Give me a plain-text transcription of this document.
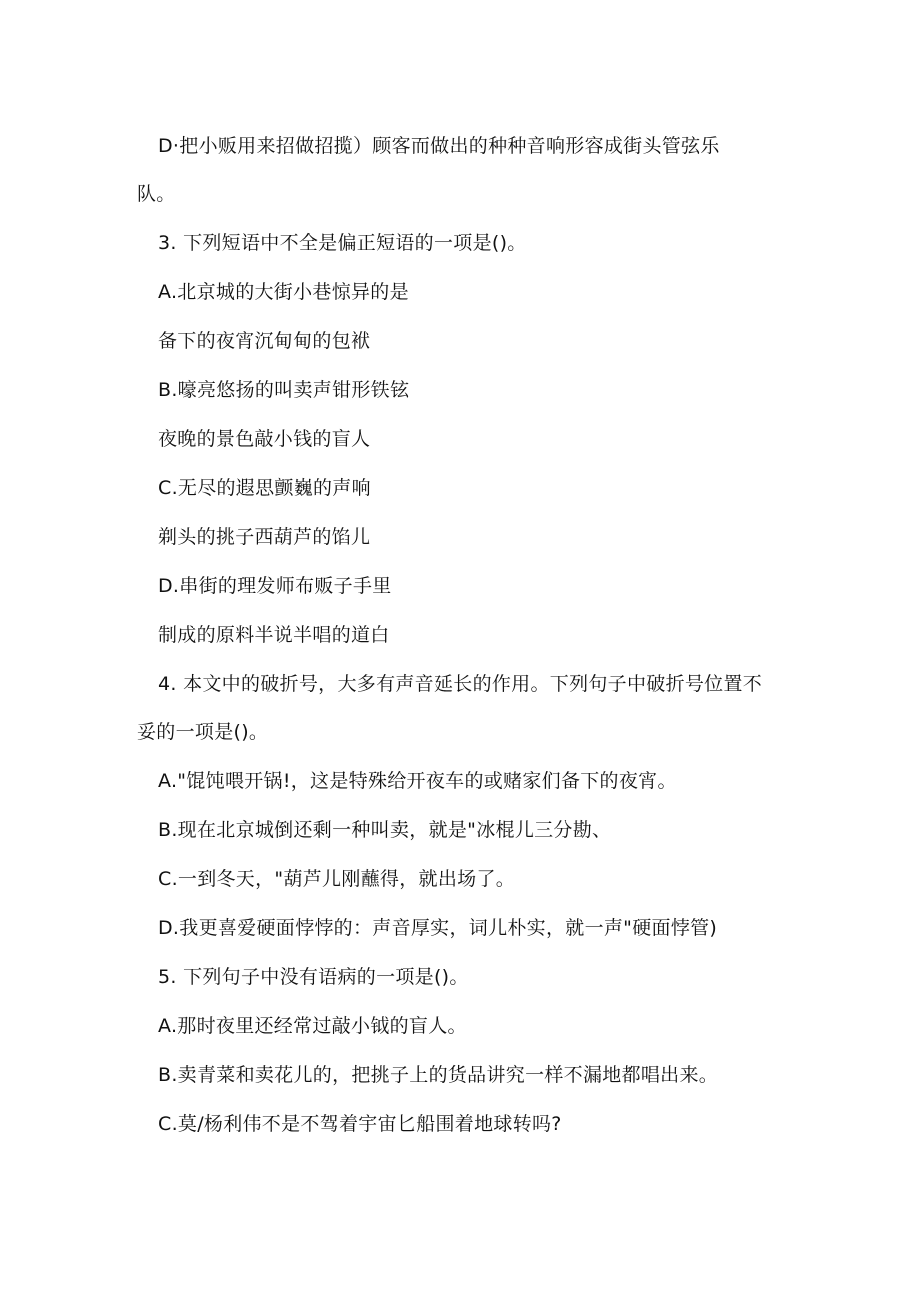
D·把小贩用来招做招揽）顾客而做出的种种音响形容成街头管弦乐
队。
3. 下列短语中不全是偏正短语的一项是()。
A.北京城的大街小巷惊异的是
备下的夜宵沉甸甸的包袱
B.嚎亮悠扬的叫卖声钳形铁铉
夜晚的景色敲小钱的盲人
C.无尽的遐思颤巍的声响
剃头的挑子西葫芦的馅儿
D.串街的理发师布贩子手里
制成的原料半说半唱的道白
4. 本文中的破折号，大多有声音延长的作用。下列句子中破折号位置不
妥的一项是()。
A."馄饨喂开锅!，这是特殊给开夜车的或赌家们备下的夜宵。
B.现在北京城倒还剩一种叫卖，就是"冰棍儿三分勘、
C.一到冬天，"葫芦儿刚蘸得，就出场了。
D.我更喜爱硬面悖悖的：声音厚实，词儿朴实，就一声"硬面悖管)
5. 下列句子中没有语病的一项是()。
A.那时夜里还经常过敲小钺的盲人。
B.卖青菜和卖花儿的，把挑子上的货品讲究一样不漏地都唱出来。
C.莫/杨利伟不是不驾着宇宙匕船围着地球转吗?
